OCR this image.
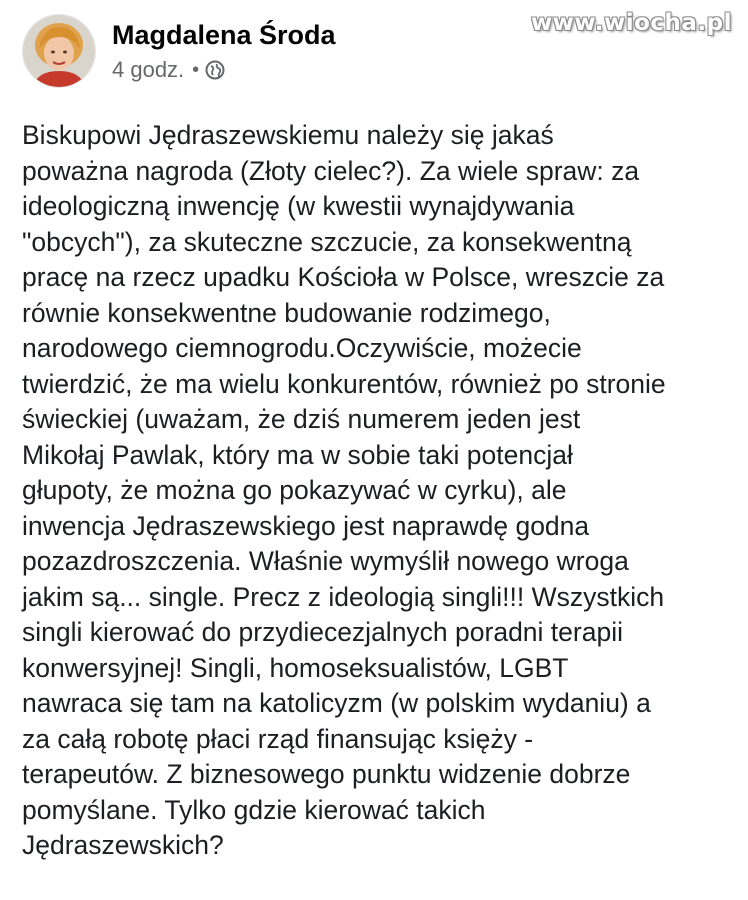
Magdalena Środa
4 godz. •
www.wiocha.pl
Biskupowi Jędraszewskiemu należy się jakaś
poważna nagroda (Złoty cielec?). Za wiele spraw: za
ideologiczną inwencję (w kwestii wynajdywania
"obcych"), za skuteczne szczucie, za konsekwentną
pracę na rzecz upadku Kościoła w Polsce, wreszcie za
równie konsekwentne budowanie rodzimego,
narodowego ciemnogrodu.Oczywiście, możecie
twierdzić, że ma wielu konkurentów, również po stronie
świeckiej (uważam, że dziś numerem jeden jest
Mikołaj Pawlak, który ma w sobie taki potencjał
głupoty, że można go pokazywać w cyrku), ale
inwencja Jędraszewskiego jest naprawdę godna
pozazdroszczenia. Właśnie wymyślił nowego wroga
jakim są... single. Precz z ideologią singli!!! Wszystkich
singli kierować do przydiecezjalnych poradni terapii
konwersyjnej! Singli, homoseksualistów, LGBT
nawraca się tam na katolicyzm (w polskim wydaniu) a
za całą robotę płaci rząd finansując księży -
terapeutów. Z biznesowego punktu widzenie dobrze
pomyślane. Tylko gdzie kierować takich
Jędraszewskich?
